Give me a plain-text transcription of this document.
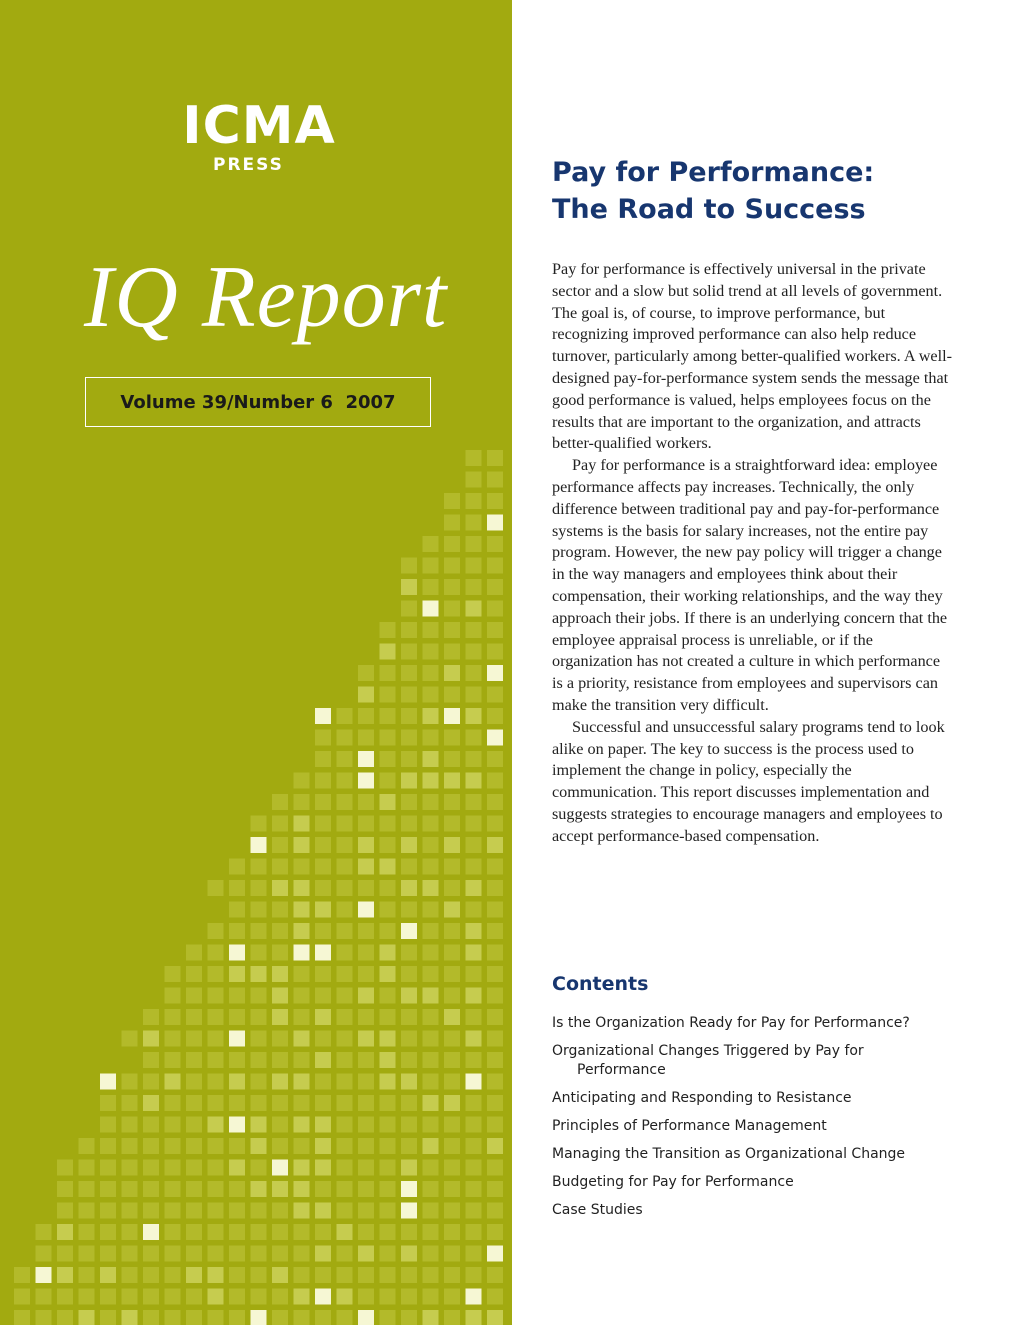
ICMA
PRESS
IQ Report
Volume 39/Number 6  2007
Pay for Performance:
The Road to Success

Pay for performance is effectively universal in the private sector and a slow but solid trend at all levels of government. The goal is, of course, to improve performance, but recognizing improved performance can also help reduce turnover, particularly among better-qualified workers. A well-designed pay-for-performance system sends the message that good performance is valued, helps employees focus on the results that are important to the organization, and attracts better-qualified workers.

Pay for performance is a straightforward idea: employee performance affects pay increases. Technically, the only difference between traditional pay and pay-for-performance systems is the basis for salary increases, not the entire pay program. However, the new pay policy will trigger a change in the way managers and employees think about their compensation, their working relationships, and the way they approach their jobs. If there is an underlying concern that the employee appraisal process is unreliable, or if the organization has not created a culture in which performance is a priority, resistance from employees and supervisors can make the transition very difficult.

Successful and unsuccessful salary programs tend to look alike on paper. The key to success is the process used to implement the change in policy, especially the communication. This report discusses implementation and suggests strategies to encourage managers and employees to accept performance-based compensation.

Contents
Is the Organization Ready for Pay for Performance?
Organizational Changes Triggered by Pay for Performance
Anticipating and Responding to Resistance
Principles of Performance Management
Managing the Transition as Organizational Change
Budgeting for Pay for Performance
Case Studies
